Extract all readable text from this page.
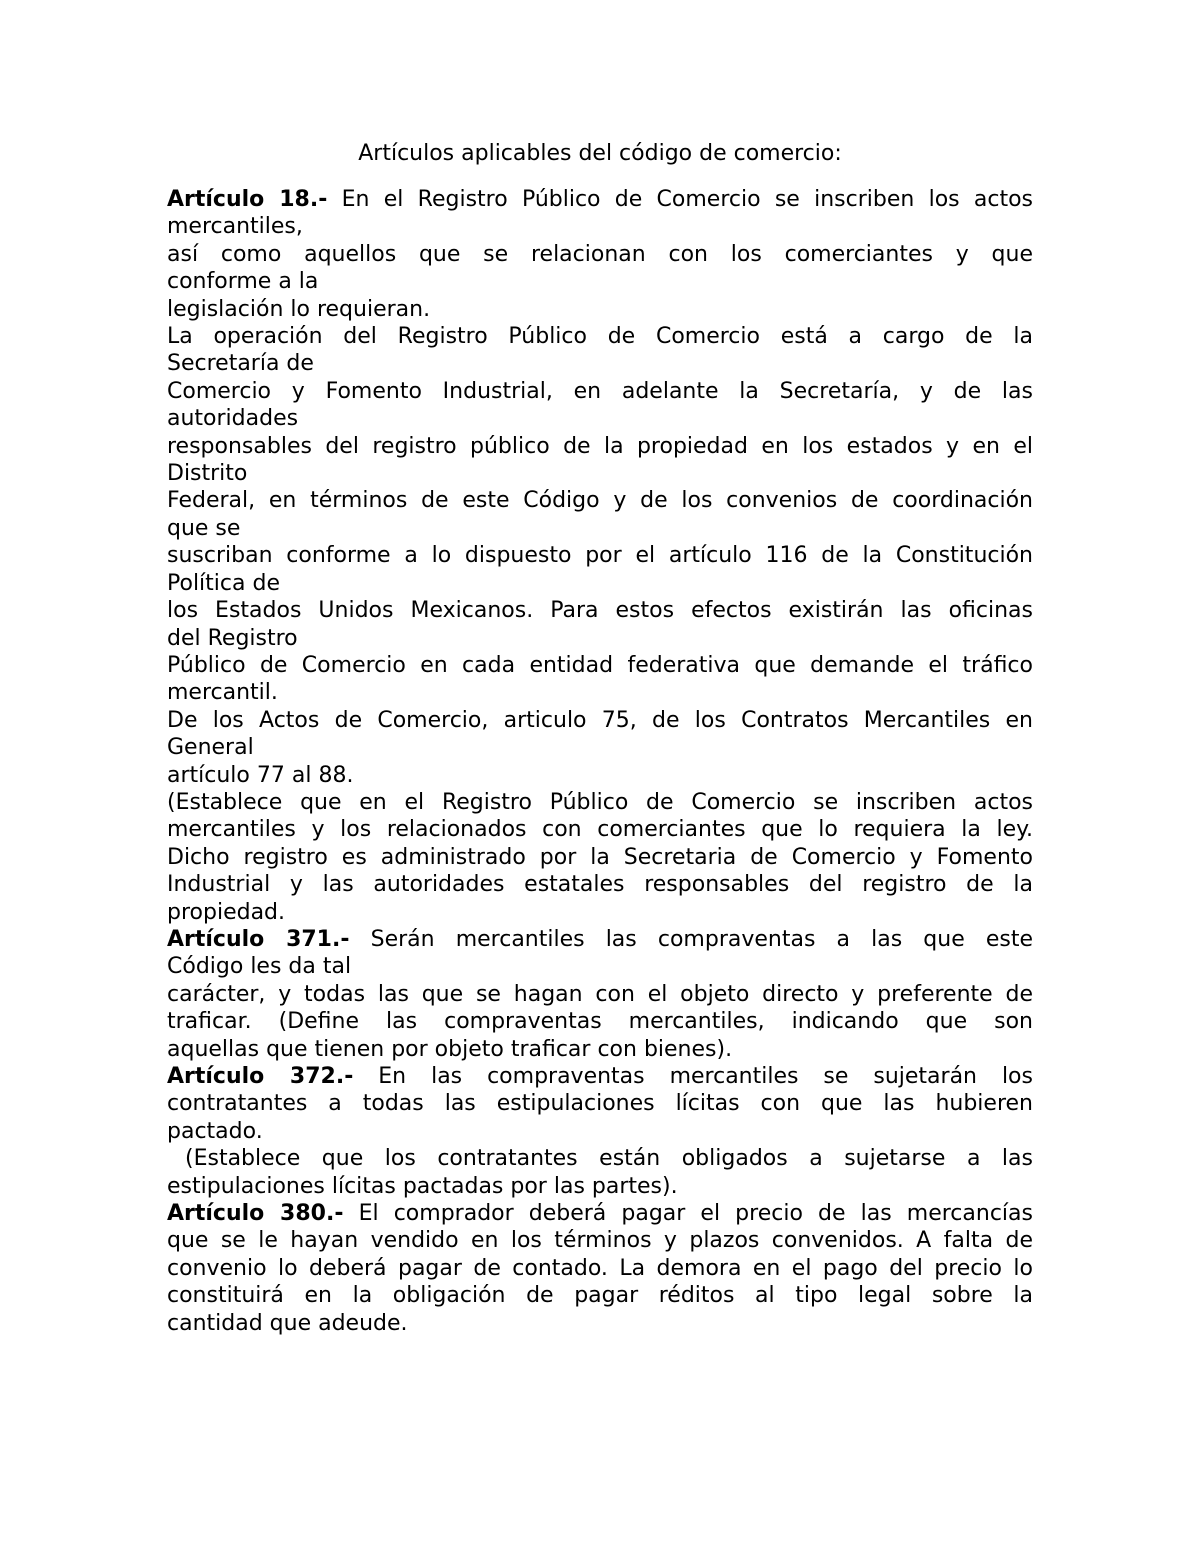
Artículos aplicables del código de comercio:
Artículo 18.- En el Registro Público de Comercio se inscriben los actos
mercantiles,
así como aquellos que se relacionan con los comerciantes y que
conforme a la
legislación lo requieran.
La operación del Registro Público de Comercio está a cargo de la
Secretaría de
Comercio y Fomento Industrial, en adelante la Secretaría, y de las
autoridades
responsables del registro público de la propiedad en los estados y en el
Distrito
Federal, en términos de este Código y de los convenios de coordinación
que se
suscriban conforme a lo dispuesto por el artículo 116 de la Constitución
Política de
los Estados Unidos Mexicanos. Para estos efectos existirán las oficinas
del Registro
Público de Comercio en cada entidad federativa que demande el tráfico
mercantil.
De los Actos de Comercio, articulo 75, de los Contratos Mercantiles en
General
artículo 77 al 88.
(Establece que en el Registro Público de Comercio se inscriben actos
mercantiles y los relacionados con comerciantes que lo requiera la ley.
Dicho registro es administrado por la Secretaria de Comercio y Fomento
Industrial y las autoridades estatales responsables del registro de la
propiedad.
Artículo 371.- Serán mercantiles las compraventas a las que este
Código les da tal
carácter, y todas las que se hagan con el objeto directo y preferente de
traficar. (Define las compraventas mercantiles, indicando que son
aquellas que tienen por objeto traficar con bienes).
Artículo 372.- En las compraventas mercantiles se sujetarán los
contratantes a todas las estipulaciones lícitas con que las hubieren
pactado.
(Establece que los contratantes están obligados a sujetarse a las
estipulaciones lícitas pactadas por las partes).
Artículo 380.- El comprador deberá pagar el precio de las mercancías
que se le hayan vendido en los términos y plazos convenidos. A falta de
convenio lo deberá pagar de contado. La demora en el pago del precio lo
constituirá en la obligación de pagar réditos al tipo legal sobre la
cantidad que adeude.
